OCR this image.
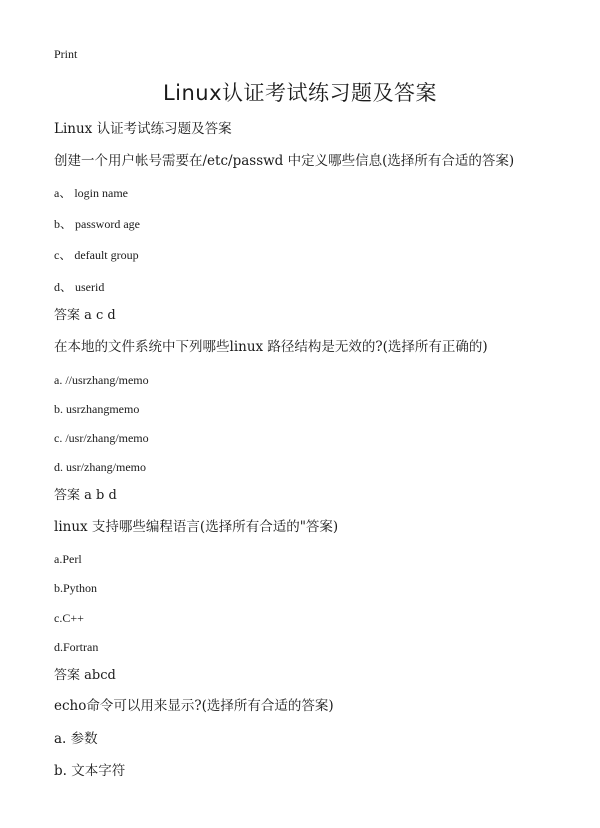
Print
Linux认证考试练习题及答案
Linux 认证考试练习题及答案
创建一个用户帐号需要在/etc/passwd 中定义哪些信息(选择所有合适的答案)
a、 login name
b、 password age
c、 default group
d、 userid
答案 a c d
在本地的文件系统中下列哪些linux 路径结构是无效的?(选择所有正确的)
a. //usrzhang/memo
b. usrzhangmemo
c. /usr/zhang/memo
d. usr/zhang/memo
答案 a b d
linux 支持哪些编程语言(选择所有合适的"答案)
a.Perl
b.Python
c.C++
d.Fortran
答案 abcd
echo命令可以用来显示?(选择所有合适的答案)
a. 参数
b. 文本字符
